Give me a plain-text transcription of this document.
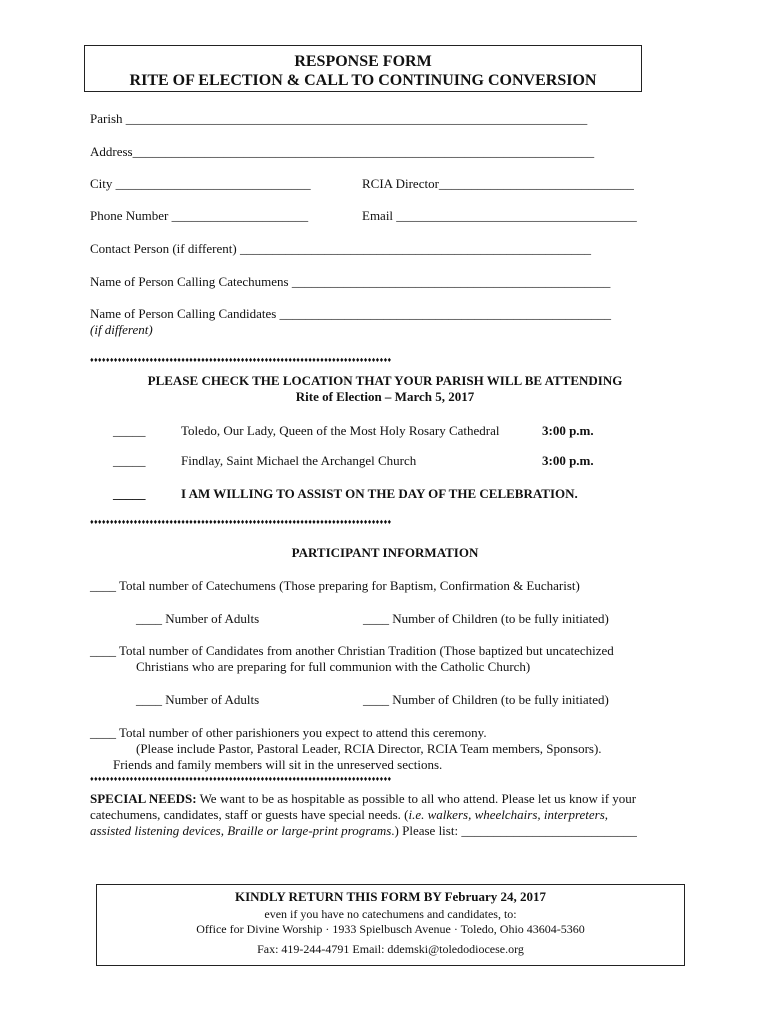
RESPONSE FORM
RITE OF ELECTION & CALL TO CONTINUING CONVERSION
Parish _______________________________________________________________________
Address_______________________________________________________________________
City ______________________________	RCIA Director______________________________
Phone Number _____________________	Email _____________________________________
Contact Person (if different) ______________________________________________________
Name of Person Calling Catechumens _________________________________________________
Name of Person Calling Candidates ___________________________________________________
(if different)
♦♦♦♦♦♦♦♦♦♦♦♦♦♦♦♦♦♦♦♦♦♦♦♦♦♦♦♦♦♦♦♦♦♦♦♦♦♦♦♦♦♦♦♦♦♦♦♦♦♦♦♦♦♦♦♦♦♦♦♦♦♦♦♦♦♦♦♦♦♦♦♦♦♦♦♦
PLEASE CHECK THE LOCATION THAT YOUR PARISH WILL BE ATTENDING
Rite of Election – March 5, 2017
_____	Toledo, Our Lady, Queen of the Most Holy Rosary Cathedral	3:00 p.m.
_____	Findlay, Saint Michael the Archangel Church	3:00 p.m.
_____	I AM WILLING TO ASSIST ON THE DAY OF THE CELEBRATION.
♦♦♦♦♦♦♦♦♦♦♦♦♦♦♦♦♦♦♦♦♦♦♦♦♦♦♦♦♦♦♦♦♦♦♦♦♦♦♦♦♦♦♦♦♦♦♦♦♦♦♦♦♦♦♦♦♦♦♦♦♦♦♦♦♦♦♦♦♦♦♦♦♦♦♦♦
PARTICIPANT INFORMATION
____ Total number of Catechumens (Those preparing for Baptism, Confirmation & Eucharist)
____ Number of Adults	____ Number of Children (to be fully initiated)
____ Total number of Candidates from another Christian Tradition (Those baptized but uncatechized
Christians who are preparing for full communion with the Catholic Church)
____ Number of Adults	____ Number of Children (to be fully initiated)
____ Total number of other parishioners you expect to attend this ceremony.
(Please include Pastor, Pastoral Leader, RCIA Director, RCIA Team members, Sponsors).
Friends and family members will sit in the unreserved sections.
♦♦♦♦♦♦♦♦♦♦♦♦♦♦♦♦♦♦♦♦♦♦♦♦♦♦♦♦♦♦♦♦♦♦♦♦♦♦♦♦♦♦♦♦♦♦♦♦♦♦♦♦♦♦♦♦♦♦♦♦♦♦♦♦♦♦♦♦♦♦♦♦♦♦♦♦
SPECIAL NEEDS: We want to be as hospitable as possible to all who attend. Please let us know if your
catechumens, candidates, staff or guests have special needs. (i.e. walkers, wheelchairs, interpreters,
assisted listening devices, Braille or large-print programs.) Please list: ___________________________
KINDLY RETURN THIS FORM BY February 24, 2017
even if you have no catechumens and candidates, to:
Office for Divine Worship · 1933 Spielbusch Avenue · Toledo, Ohio 43604-5360
Fax: 419-244-4791 Email: ddemski@toledodiocese.org
